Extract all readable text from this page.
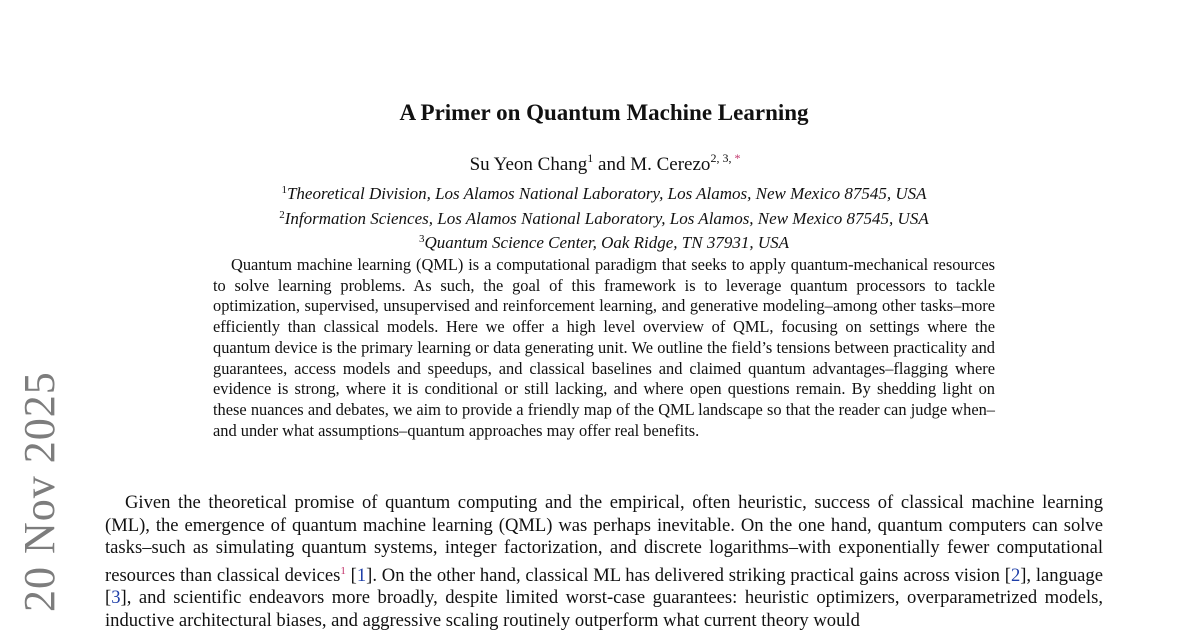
20 Nov 2025
A Primer on Quantum Machine Learning
Su Yeon Chang$^1$ and M. Cerezo$^{2, 3, *}$
$^1$Theoretical Division, Los Alamos National Laboratory, Los Alamos, New Mexico 87545, USA
$^2$Information Sciences, Los Alamos National Laboratory, Los Alamos, New Mexico 87545, USA
$^3$Quantum Science Center, Oak Ridge, TN 37931, USA

Quantum machine learning (QML) is a computational paradigm that seeks to apply quantum-mechanical resources to solve learning problems. As such, the goal of this framework is to leverage quantum processors to tackle optimization, supervised, unsupervised and reinforcement learning, and generative modeling–among other tasks–more efficiently than classical models. Here we offer a high level overview of QML, focusing on settings where the quantum device is the primary learning or data generating unit. We outline the field’s tensions between practicality and guarantees, access models and speedups, and classical baselines and claimed quantum advantages–flagging where evidence is strong, where it is conditional or still lacking, and where open questions remain. By shedding light on these nuances and debates, we aim to provide a friendly map of the QML landscape so that the reader can judge when–and under what assumptions–quantum approaches may offer real benefits.

Given the theoretical promise of quantum computing and the empirical, often heuristic, success of classical machine learning (ML), the emergence of quantum machine learning (QML) was perhaps inevitable. On the one hand, quantum computers can solve tasks–such as simulating quantum systems, integer factorization, and discrete logarithms–with exponentially fewer computational resources than classical devices$^1$ [1]. On the other hand, classical ML has delivered striking practical gains across vision [2], language [3], and scientific endeavors more broadly, despite limited worst-case guarantees: heuristic optimizers, overparametrized models, inductive architectural biases, and aggressive scaling routinely outperform what current theory would
